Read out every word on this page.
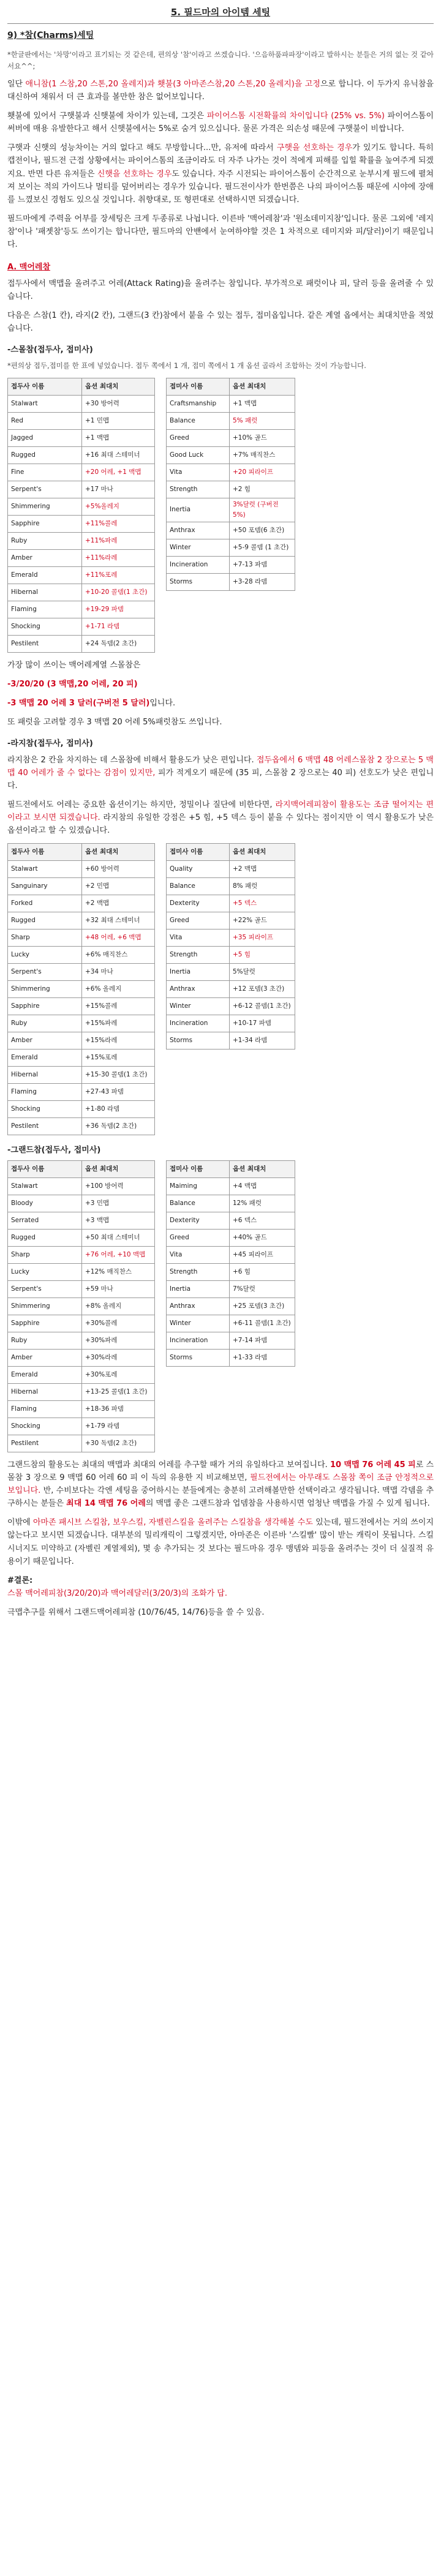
5. 필드마의 아이템 세팅
9) *참(Charms)세팅

*한글판에서는 '차망'이라고 표기되는 것 같은데, 편의상 '참'이라고 쓰겠습니다. '으음하품파파장'이라고 발하시는 분들은 거의 없는 것 같아서요^^;

일단 애니참(1 스참,20 스톤,20 올레지)과 횃불(3 아마존스참,20 스톤,20 올레지)을 고정으로 합니다. 이 두가지 유닉참을 대신하여 채워서 더 큰 효과를 볼만한 참은 없어보입니다.

횃불에 있어서 구햇불과 신햇불에 차이가 있는데, 그것은 파이어스톰 시전확률의 차이입니다 (25% vs. 5%) 파이어스톰이 써버에 매용 유발한다고 해서 신햇불에서는 5%로 숨겨 있으십니다. 물론 가격은 의손성 때문에 구햇불이 비쌉니다.

구햇과 신햇의 성능차이는 거의 없다고 해도 무방합니다...만, 유저에 따라서 구햇을 선호하는 경우가 있기도 합니다. 특히 캡전이나, 필드전 근접 상황에서는 파이어스톰의 조금이라도 더 자주 나가는 것이 적에게 피해를 입힐 확률을 높여주게 되겠지요. 반면 다른 유저들은 신햇을 선호하는 경우도 있습니다. 자주 시전되는 파이어스톰이 순간적으로 눈부시게 필드에 펼쳐져 보이는 적의 가이드나 멀티를 덮어버리는 경우가 있습니다. 필드전이사가 한번쯤은 나의 파이어스톰 때문에 시야에 장애를 느꼈보신 경험도 있으실 것입니다. 취향대로, 또 형편대로 선택하시면 되겠습니다.

필드마에게 주력을 어부를 장세팅은 크게 두종류로 나뉩니다. 이른바 '맥어레참'과 '원소데미지참'입니다. 물론 그외에 '레지참'이나 '패젯참'등도 쓰이기는 합니다만, 필드마의 안뱬에서 눈여하야할 것은 1 차적으로 데미지와 피/달러)이기 때문입니다.

A. 맥어레참

접두사에서 맥맵을 올려주고 어레(Attack Rating)을 올려주는 참입니다. 부가적으로 패럿이나 피, 달러 등을 올려줄 수 있습니다.

다음은 스참(1 칸), 라지(2 칸), 그랜드(3 칸)참에서 붙을 수 있는 접두, 접미옵입니다. 같은 계열 옵에서는 최대치만을 적었습니다.

-스몰참(접두사, 접미사)

*편의상 접두,접미를 한 표에 넣었습니다. 접두 쪽에서 1 개, 접미 쪽에서 1 개 옵션 골라서 조합하는 것이 가능합니다.

접두사 이름	옵션 최대치
Stalwart	+30 방어력
Red	+1 민맵
Jagged	+1 맥맵
Rugged	+16 최대 스테미너
Fine	+20 어레, +1 맥맵
Serpent's	+17 마나
Shimmering	+5%올레지
Sapphire	+11%콜레
Ruby	+11%파레
Amber	+11%라레
Emerald	+11%포레
Hibernal	+10-20 콜뎀(1 초간)
Flaming	+19-29 파뎀
Shocking	+1-71 라뎀
Pestilent	+24 독뎀(2 초간)
접미사 이름	옵션 최대치
Craftsmanship	+1 맥맵
Balance	5% 패럿
Greed	+10% 골드
Good Luck	+7% 매직찬스
Vita	+20 피라이프
Strength	+2 힘
Inertia	3%달럿 (구버전 5%)
Anthrax	+50 포뎀(6 초간)
Winter	+5-9 콜뎀 (1 초간)
Incineration	+7-13 파뎀
Storms	+3-28 라뎀

가장 많이 쓰이는 맥어레계열 스몰참은

-3/20/20 (3 맥맵,20 어레, 20 피)

-3 맥맵 20 어레 3 달러(구버전 5 달러)입니다.

또 패럿을 고려할 경우 3 맥맵 20 어레 5%패럿참도 쓰입니다.

-라지참(접두사, 접미사)

라지참은 2 칸을 차지하는 데 스몰참에 비해서 활용도가 낮은 편입니다. 접두옵에서 6 맥맵 48 어레스몰참 2 장으로는 5 맥맵 40 어레가 줄 수 없다는 감점이 있지만, 피가 적게오기 때문에 (35 피, 스몰참 2 장으로는 40 피) 선호도가 낮은 편입니다.

필드전에서도 어레는 중요한 옵션이기는 하지만, 정밀이나 질단에 비한다면, 라지맥어레피참이 활용도는 조금 떨어지는 편이라고 보시면 되겠습니다. 라지참의 유일한 강점은 +5 힘, +5 덱스 등이 붙을 수 있다는 점이지만 이 역시 활용도가 낮은 옵션이라고 할 수 있겠습니다.

접두사 이름	옵션 최대치
Stalwart	+60 방어력
Sanguinary	+2 민맵
Forked	+2 맥맵
Rugged	+32 최대 스테미너
Sharp	+48 어레, +6 맥맵
Lucky	+6% 매직찬스
Serpent's	+34 마나
Shimmering	+6% 올레지
Sapphire	+15%콜레
Ruby	+15%파레
Amber	+15%라레
Emerald	+15%포레
Hibernal	+15-30 콜뎀(1 초간)
Flaming	+27-43 파뎀
Shocking	+1-80 라뎀
Pestilent	+36 독뎀(2 초간)
접미사 이름	옵션 최대치
Quality	+2 맥맵
Balance	8% 패럿
Dexterity	+5 덱스
Greed	+22% 골드
Vita	+35 피라이프
Strength	+5 힘
Inertia	5%달럿
Anthrax	+12 포뎀(3 초간)
Winter	+6-12 콜뎀(1 초간)
Incineration	+10-17 파뎀
Storms	+1-34 라뎀
-그랜드참(접두사, 접미사)
접두사 이름	옵션 최대치
Stalwart	+100 방어력
Bloody	+3 민맵
Serrated	+3 맥맵
Rugged	+50 최대 스테미너
Sharp	+76 어레, +10 맥맵
Lucky	+12% 매직찬스
Serpent's	+59 마나
Shimmering	+8% 올레지
Sapphire	+30%콜레
Ruby	+30%파레
Amber	+30%라레
Emerald	+30%포레
Hibernal	+13-25 콜뎀(1 초간)
Flaming	+18-36 파뎀
Shocking	+1-79 라뎀
Pestilent	+30 독뎀(2 초간)
접미사 이름	옵션 최대치
Maiming	+4 맥맵
Balance	12% 패럿
Dexterity	+6 덱스
Greed	+40% 골드
Vita	+45 피라이프
Strength	+6 힘
Inertia	7%달럿
Anthrax	+25 포뎀(3 초간)
Winter	+6-11 콜뎀(1 초간)
Incineration	+7-14 파뎀
Storms	+1-33 라뎀

그랜드참의 활용도는 최대의 맥맵과 최대의 어레를 추구할 때가 거의 유일하다고 보여집니다. 10 맥맵 76 어레 45 피로 스몰참 3 장으로 9 맥맵 60 어레 60 피 이 득의 유용한 지 비교해보면, 필드전에서는 아무래도 스몰참 쪽이 조금 안정적으로 보입니다. 반, 수비보다는 각엔 세팅을 중어하시는 분들에게는 충분히 고려해볼만한 선택이라고 생각됩니다. 맥맵 각뎀을 추구하시는 분들은 최대 14 맥맵 76 어레의 맥맵 좋은 그랜드참과 업뎀참을 사용하시면 엄청난 맥맵을 가질 수 있게 됩니다.

이밖에 아마존 패시브 스킬참, 보우스킬, 자벨린스킬을 올려주는 스킬참을 생각해볼 수도 있는데, 필드전에서는 거의 쓰이지 않는다고 보시면 되겠습니다. 대부분의 밀리캐릭이 그렇겠지만, 아마존은 이른바 '스킬빨' 많이 받는 캐릭이 못됩니다. 스킬 시너지도 미약하고 (자벨린 계열제외), 몇 송 추가되는 것 보다는 필드마유 경우 맹뎀와 피등을 올려주는 것이 더 실질적 유용이기 때문입니다.

#결론:

스몰 맥어레피참(3/20/20)과 맥어레달러(3/20/3)의 조화가 답.

극맵추구를 위해서 그랜드맥어레피참 (10/76/45, 14/76)등을 쓸 수 있음.
